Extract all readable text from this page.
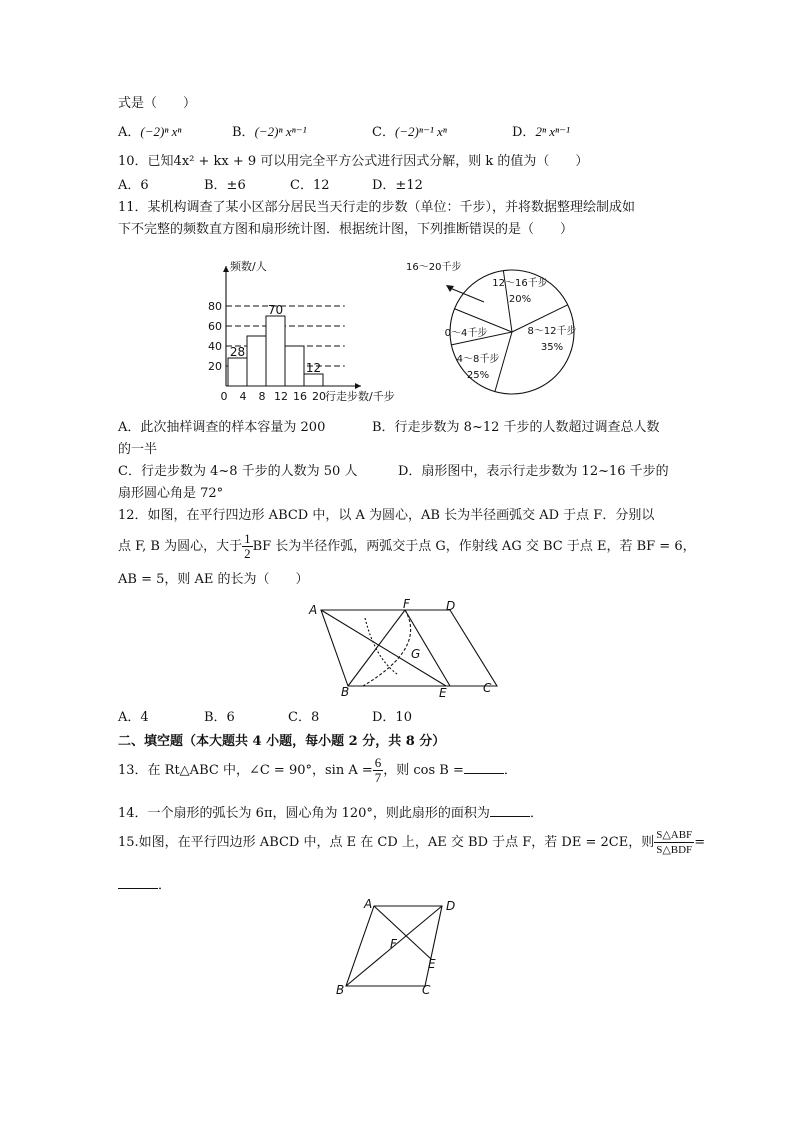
式是（　　）
A．(−2)ⁿ xⁿ	B．(−2)ⁿ xⁿ⁻¹	C．(−2)ⁿ⁻¹ xⁿ	D．2ⁿ xⁿ⁻¹
10．已知4x² + kx + 9 可以用完全平方公式进行因式分解，则 k 的值为（　　）
A．6	B．±6	C．12	D．±12
11．某机构调查了某小区部分居民当天行走的步数（单位：千步），并将数据整理绘制成如
下不完整的频数直方图和扇形统计图．根据统计图，下列推断错误的是（　　）
28
70
12
20
40
60
80
0 4 8 12 16 20
频数/人
行走步数/千步
0～4千步
4～8千步
25%
8～12千步
35%
12～16千步
20%
16～20千步
A．此次抽样调查的样本容量为 200	B．行走步数为 8~12 千步的人数超过调查总人数
的一半
C．行走步数为 4~8 千步的人数为 50 人	D．扇形图中，表示行走步数为 12~16 千步的
扇形圆心角是 72°
12．如图，在平行四边形 ABCD 中，以 A 为圆心，AB 长为半径画弧交 AD 于点 F．分别以
点 F, B 为圆心，大于 $\frac{1}{2}$ BF 长为半径作弧，两弧交于点 G，作射线 AG 交 BC 于点 E，若 BF = 6，
AB = 5，则 AE 的长为（　　）
A	F	D
G
B	E	C
A．4	B．6	C．8	D．10
二、填空题（本大题共 4 小题，每小题 2 分，共 8 分）
13．在 Rt△ABC 中，∠C = 90°，$\sin A = \frac{6}{7}$ ，则 cos B =	．
14．一个扇形的弧长为 6π，圆心角为 120°，则此扇形的面积为	．
15.如图，在平行四边形 ABCD 中，点 E 在 CD 上，AE 交 BD 于点 F，若 DE = 2CE，则 $\frac{\text{S△ABF}}{\text{S△BDF}}$ =
．
A	D
F
E
B	C
